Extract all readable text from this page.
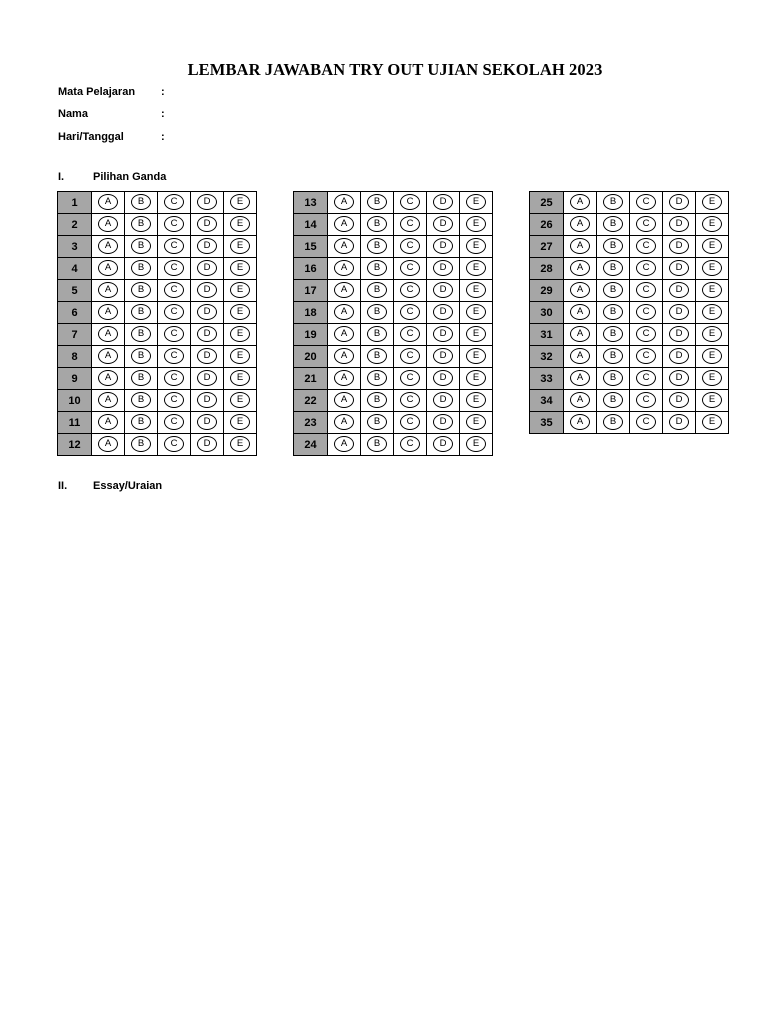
LEMBAR JAWABAN TRY OUT UJIAN SEKOLAH 2023
Mata Pelajaran :
Nama	:
Hari/Tanggal	:
I.	Pilihan Ganda
1	A	B	C	D	E
2	A	B	C	D	E
3	A	B	C	D	E
4	A	B	C	D	E
5	A	B	C	D	E
6	A	B	C	D	E
7	A	B	C	D	E
8	A	B	C	D	E
9	A	B	C	D	E
10	A	B	C	D	E
11	A	B	C	D	E
12	A	B	C	D	E
13	A	B	C	D	E
14	A	B	C	D	E
15	A	B	C	D	E
16	A	B	C	D	E
17	A	B	C	D	E
18	A	B	C	D	E
19	A	B	C	D	E
20	A	B	C	D	E
21	A	B	C	D	E
22	A	B	C	D	E
23	A	B	C	D	E
24	A	B	C	D	E
25	A	B	C	D	E
26	A	B	C	D	E
27	A	B	C	D	E
28	A	B	C	D	E
29	A	B	C	D	E
30	A	B	C	D	E
31	A	B	C	D	E
32	A	B	C	D	E
33	A	B	C	D	E
34	A	B	C	D	E
35	A	B	C	D	E
II. Essay/Uraian
